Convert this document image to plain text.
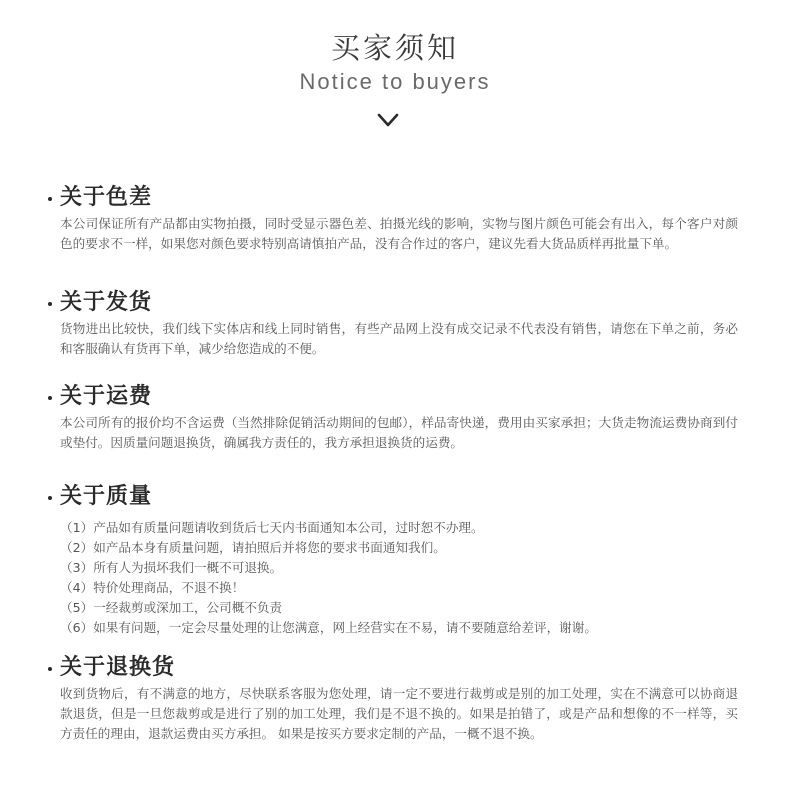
买家须知
Notice to buyers
关于色差
本公司保证所有产品都由实物拍摄，同时受显示器色差、拍摄光线的影响，实物与图片颜色可能会有出入，每个客户对颜色的要求不一样，如果您对颜色要求特别高请慎拍产品，没有合作过的客户，建议先看大货品质样再批量下单。
关于发货
货物进出比较快，我们线下实体店和线上同时销售，有些产品网上没有成交记录不代表没有销售，请您在下单之前，务必和客服确认有货再下单，减少给您造成的不便。
关于运费
本公司所有的报价均不含运费（当然排除促销活动期间的包邮），样品寄快递，费用由买家承担；大货走物流运费协商到付或垫付。因质量问题退换货，确属我方责任的，我方承担退换货的运费。
关于质量
（1）产品如有质量问题请收到货后七天内书面通知本公司，过时恕不办理。
（2）如产品本身有质量问题，请拍照后并将您的要求书面通知我们。
（3）所有人为损坏我们一概不可退换。
（4）特价处理商品，不退不换！
（5）一经裁剪或深加工，公司概不负责
（6）如果有问题，一定会尽量处理的让您满意，网上经营实在不易，请不要随意给差评，谢谢。
关于退换货
收到货物后，有不满意的地方，尽快联系客服为您处理，请一定不要进行裁剪或是别的加工处理，实在不满意可以协商退款退货，但是一旦您裁剪或是进行了别的加工处理，我们是不退不换的。如果是拍错了，或是产品和想像的不一样等，买方责任的理由，退款运费由买方承担。 如果是按买方要求定制的产品，一概不退不换。
